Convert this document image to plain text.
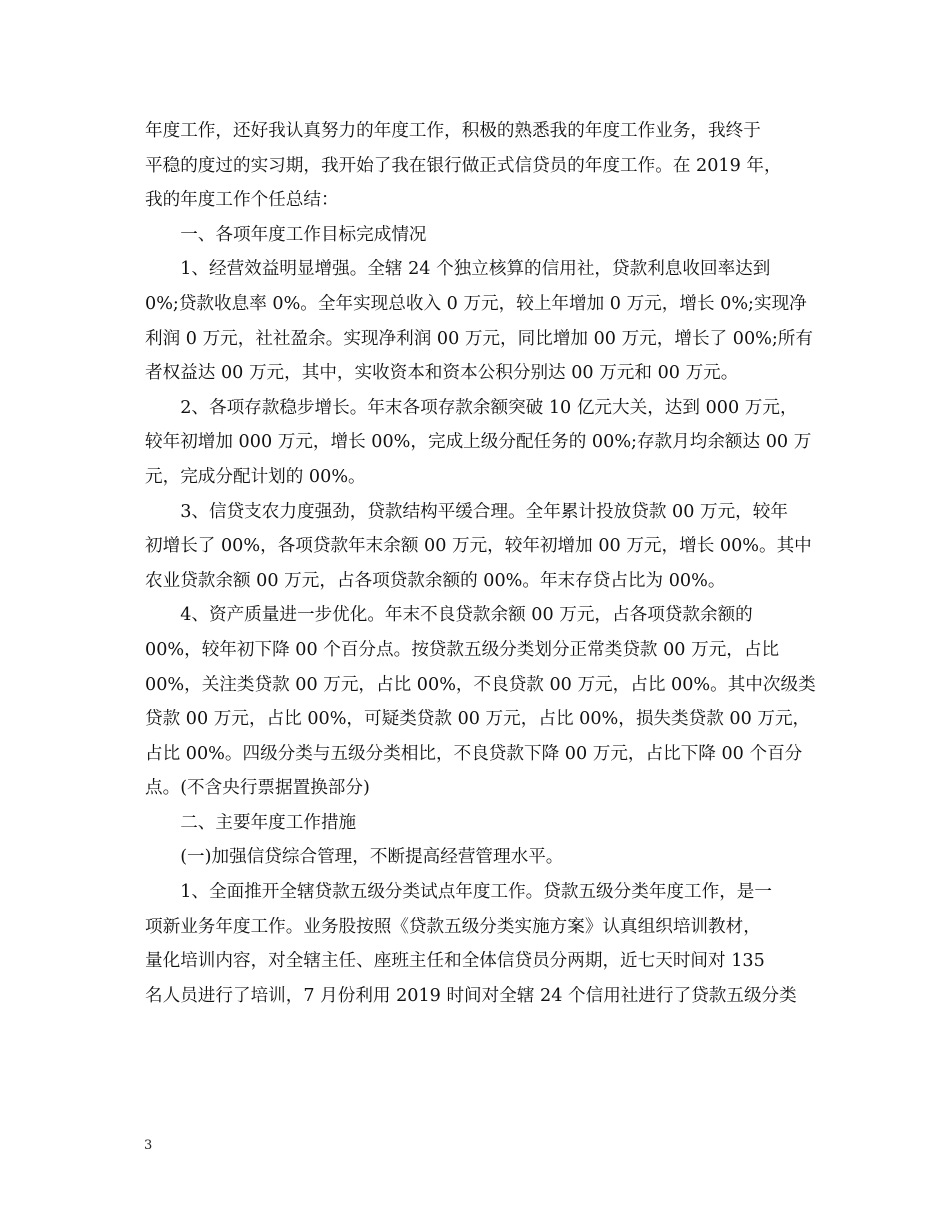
年度工作，还好我认真努力的年度工作，积极的熟悉我的年度工作业务，我终于
平稳的度过的实习期，我开始了我在银行做正式信贷员的年度工作。在 2019 年，
我的年度工作个任总结：
　　一、各项年度工作目标完成情况
　　1、经营效益明显增强。全辖 24 个独立核算的信用社，贷款利息收回率达到
0%;贷款收息率 0%。全年实现总收入 0 万元，较上年增加 0 万元，增长 0%;实现净
利润 0 万元，社社盈余。实现净利润 00 万元，同比增加 00 万元，增长了 00%;所有
者权益达 00 万元，其中，实收资本和资本公积分别达 00 万元和 00 万元。
　　2、各项存款稳步增长。年末各项存款余额突破 10 亿元大关，达到 000 万元，
较年初增加 000 万元，增长 00%，完成上级分配任务的 00%;存款月均余额达 00 万
元，完成分配计划的 00%。
　　3、信贷支农力度强劲，贷款结构平缓合理。全年累计投放贷款 00 万元，较年
初增长了 00%，各项贷款年末余额 00 万元，较年初增加 00 万元，增长 00%。其中
农业贷款余额 00 万元，占各项贷款余额的 00%。年末存贷占比为 00%。
　　4、资产质量进一步优化。年末不良贷款余额 00 万元，占各项贷款余额的
00%，较年初下降 00 个百分点。按贷款五级分类划分正常类贷款 00 万元，占比
00%，关注类贷款 00 万元，占比 00%，不良贷款 00 万元，占比 00%。其中次级类
贷款 00 万元，占比 00%，可疑类贷款 00 万元，占比 00%，损失类贷款 00 万元，
占比 00%。四级分类与五级分类相比，不良贷款下降 00 万元，占比下降 00 个百分
点。(不含央行票据置换部分)
　　二、主要年度工作措施
　　(一)加强信贷综合管理，不断提高经营管理水平。
　　1、全面推开全辖贷款五级分类试点年度工作。贷款五级分类年度工作，是一
项新业务年度工作。业务股按照《贷款五级分类实施方案》认真组织培训教材，
量化培训内容，对全辖主任、座班主任和全体信贷员分两期，近七天时间对 135
名人员进行了培训，7 月份利用 2019 时间对全辖 24 个信用社进行了贷款五级分类
3
